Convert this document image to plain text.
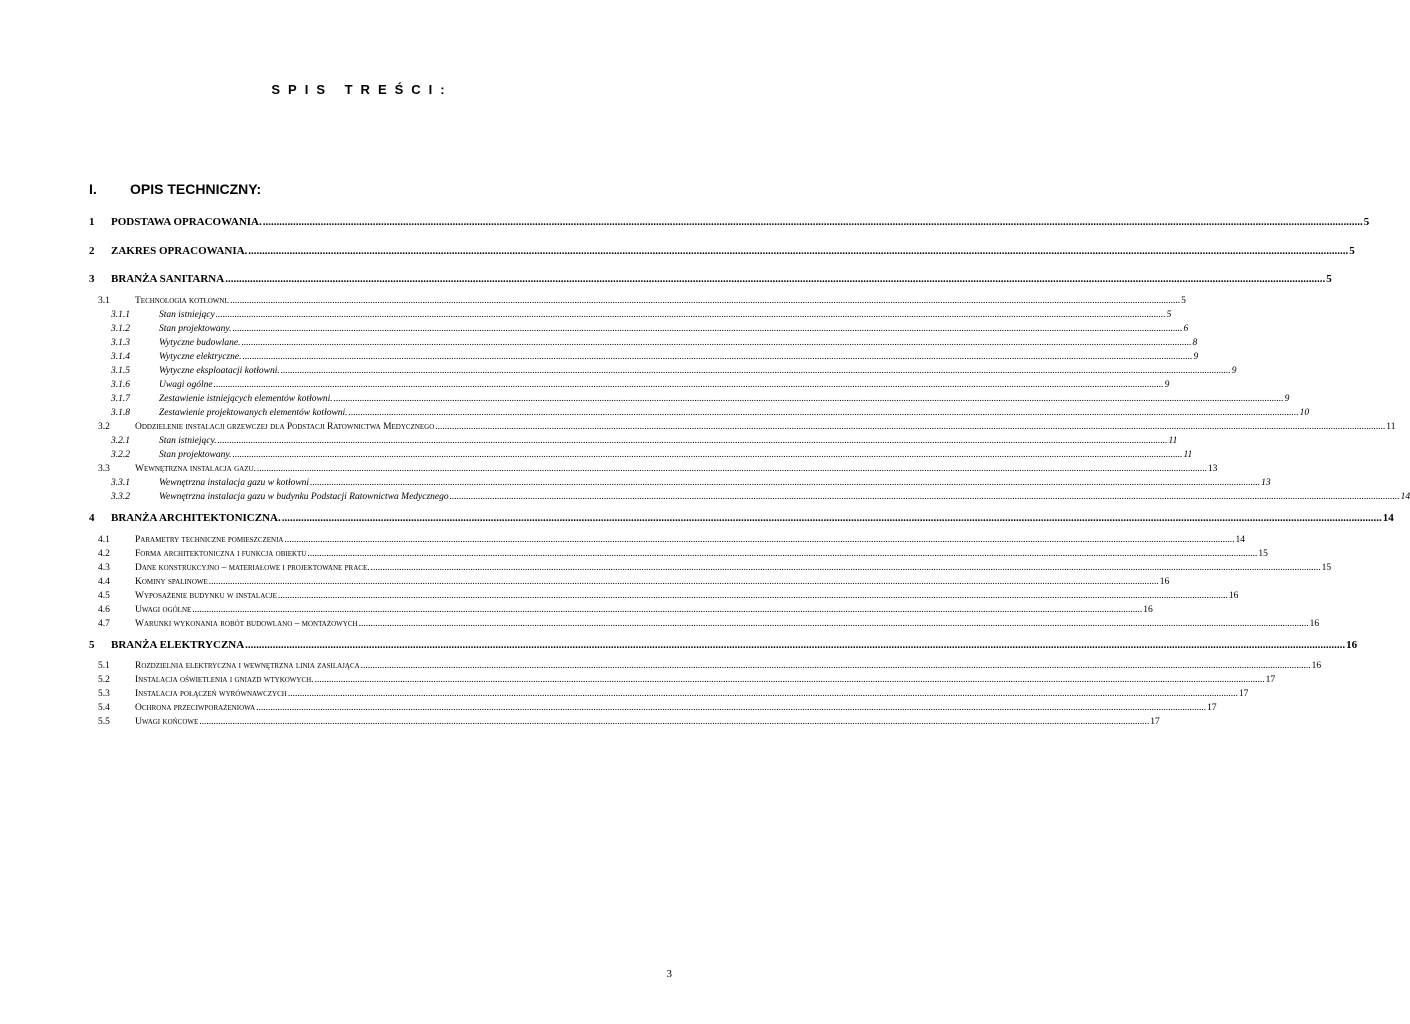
SPIS TREŚCI:
I. OPIS TECHNICZNY:
1 PODSTAWA OPRACOWANIA. ................................................................................................................................................................................................................................................................................................................................................................................................................ 5
2 ZAKRES OPRACOWANIA. ................................................................................................................................................................................................................................................................................................................................................................................................................ 5
3 BRANŻA SANITARNA ................................................................................................................................................................................................................................................................................................................................................................................................................ 5
3.1	Technologia kotłowni. ................................................................................................................................................................................................................................................................................................................................................................................................................ 5
3.1.1	Stan istniejący ................................................................................................................................................................................................................................................................................................................................................................................................................ 5
3.1.2	Stan projektowany. ................................................................................................................................................................................................................................................................................................................................................................................................................ 6
3.1.3	Wytyczne budowlane. ................................................................................................................................................................................................................................................................................................................................................................................................................ 8
3.1.4	Wytyczne elektryczne. ................................................................................................................................................................................................................................................................................................................................................................................................................ 9
3.1.5	Wytyczne eksploatacji kotłowni. ................................................................................................................................................................................................................................................................................................................................................................................................................ 9
3.1.6	Uwagi ogólne ................................................................................................................................................................................................................................................................................................................................................................................................................ 9
3.1.7	Zestawienie istniejących elementów kotłowni. ................................................................................................................................................................................................................................................................................................................................................................................................................ 9
3.1.8	Zestawienie projektowanych elementów kotłowni. ................................................................................................................................................................................................................................................................................................................................................................................................................ 10
3.2	Oddzielenie instalacji grzewczej dla Podstacji Ratownictwa Medycznego ................................................................................................................................................................................................................................................................................................................................................................................................................ 11
3.2.1	Stan istniejący. ................................................................................................................................................................................................................................................................................................................................................................................................................ 11
3.2.2	Stan projektowany. ................................................................................................................................................................................................................................................................................................................................................................................................................ 11
3.3	Wewnętrzna instalacja gazu. ................................................................................................................................................................................................................................................................................................................................................................................................................ 13
3.3.1	Wewnętrzna instalacja gazu w kotłowni ................................................................................................................................................................................................................................................................................................................................................................................................................ 13
3.3.2	Wewnętrzna instalacja gazu w budynku Podstacji Ratownictwa Medycznego ................................................................................................................................................................................................................................................................................................................................................................................................................ 14
4 BRANŻA ARCHITEKTONICZNA. ................................................................................................................................................................................................................................................................................................................................................................................................................ 14
4.1	Parametry techniczne pomieszczenia ................................................................................................................................................................................................................................................................................................................................................................................................................ 14
4.2	Forma architektoniczna i funkcja obiektu ................................................................................................................................................................................................................................................................................................................................................................................................................ 15
4.3	Dane konstrukcyjno – materiałowe i projektowane prace. ................................................................................................................................................................................................................................................................................................................................................................................................................ 15
4.4	Kominy spalinowe ................................................................................................................................................................................................................................................................................................................................................................................................................ 16
4.5	Wyposażenie budynku w instalacje ................................................................................................................................................................................................................................................................................................................................................................................................................ 16
4.6	Uwagi ogólne ................................................................................................................................................................................................................................................................................................................................................................................................................ 16
4.7	Warunki wykonania robót budowlano – montażowych ................................................................................................................................................................................................................................................................................................................................................................................................................ 16
5 BRANŻA ELEKTRYCZNA ................................................................................................................................................................................................................................................................................................................................................................................................................ 16
5.1	Rozdzielnia elektryczna i wewnętrzna linia zasilająca ................................................................................................................................................................................................................................................................................................................................................................................................................ 16
5.2	Instalacja oświetlenia i gniazd wtykowych. ................................................................................................................................................................................................................................................................................................................................................................................................................ 17
5.3	Instalacja połączeń wyrównawczych ................................................................................................................................................................................................................................................................................................................................................................................................................ 17
5.4	Ochrona przeciwporażeniowa ................................................................................................................................................................................................................................................................................................................................................................................................................ 17
5.5	Uwagi końcowe ................................................................................................................................................................................................................................................................................................................................................................................................................ 17
3
